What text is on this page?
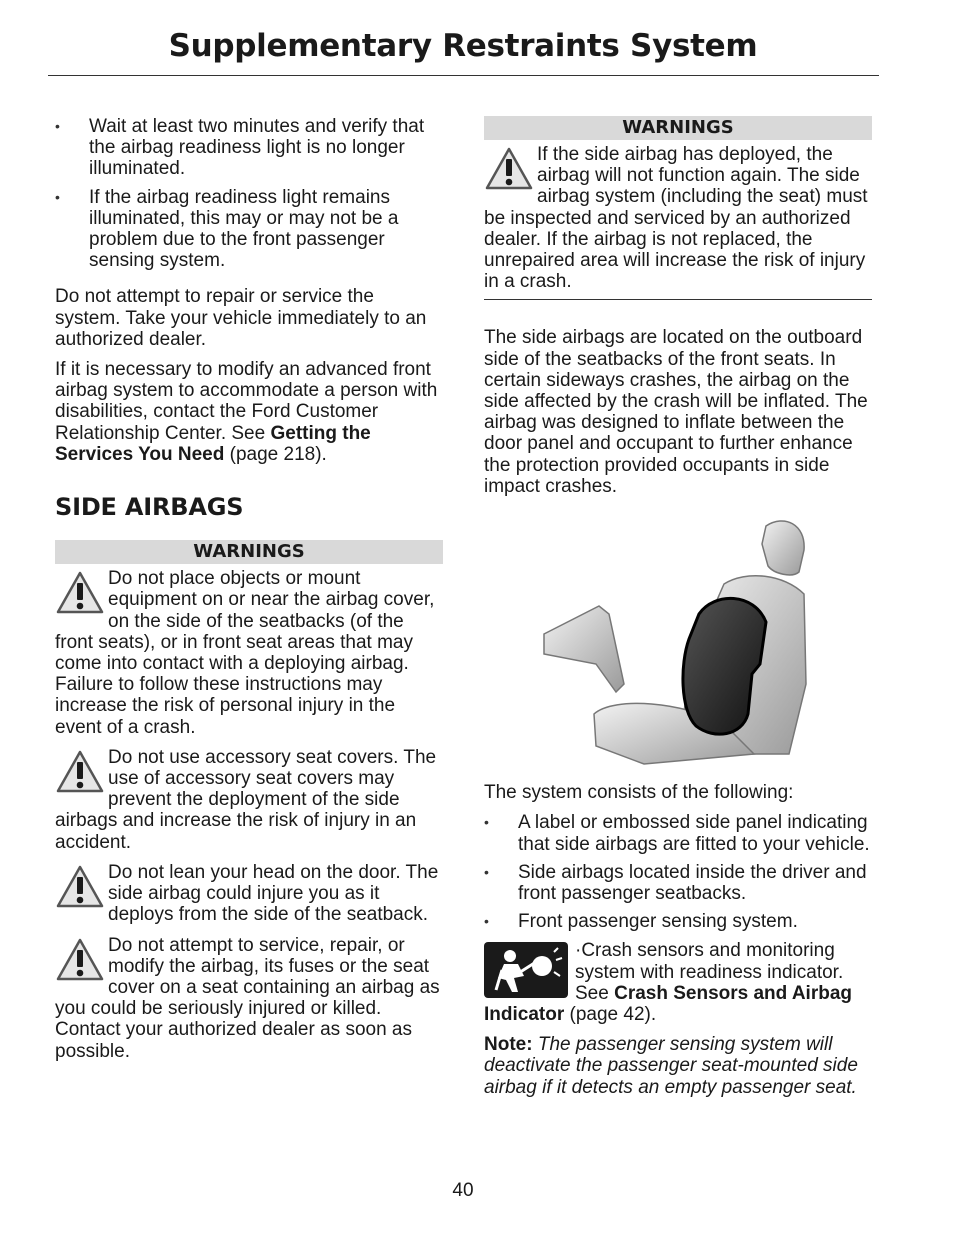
Supplementary Restraints System
• Wait at least two minutes and verify that the airbag readiness light is no longer illuminated.
• If the airbag readiness light remains illuminated, this may or may not be a problem due to the front passenger sensing system.

Do not attempt to repair or service the system. Take your vehicle immediately to an authorized dealer.

If it is necessary to modify an advanced front airbag system to accommodate a person with disabilities, contact the Ford Customer Relationship Center. See Getting the Services You Need (page 218).

SIDE AIRBAGS
WARNINGS
Do not place objects or mount equipment on or near the airbag cover, on the side of the seatbacks (of the front seats), or in front seat areas that may come into contact with a deploying airbag. Failure to follow these instructions may increase the risk of personal injury in the event of a crash.
Do not use accessory seat covers. The use of accessory seat covers may prevent the deployment of the side airbags and increase the risk of injury in an accident.
Do not lean your head on the door. The side airbag could injure you as it deploys from the side of the seatback.
Do not attempt to service, repair, or modify the airbag, its fuses or the seat cover on a seat containing an airbag as you could be seriously injured or killed. Contact your authorized dealer as soon as possible.
WARNINGS
If the side airbag has deployed, the airbag will not function again. The side airbag system (including the seat) must be inspected and serviced by an authorized dealer. If the airbag is not replaced, the unrepaired area will increase the risk of injury in a crash.

The side airbags are located on the outboard side of the seatbacks of the front seats. In certain sideways crashes, the airbag on the side affected by the crash will be inflated. The airbag was designed to inflate between the door panel and occupant to further enhance the protection provided occupants in side impact crashes.

The system consists of the following:

• A label or embossed side panel indicating that side airbags are fitted to your vehicle.
• Side airbags located inside the driver and front passenger seatbacks.
• Front passenger sensing system.

·Crash sensors and monitoring system with readiness indicator. See Crash Sensors and Airbag Indicator (page 42).

Note: The passenger sensing system will deactivate the passenger seat-mounted side airbag if it detects an empty passenger seat.

40
